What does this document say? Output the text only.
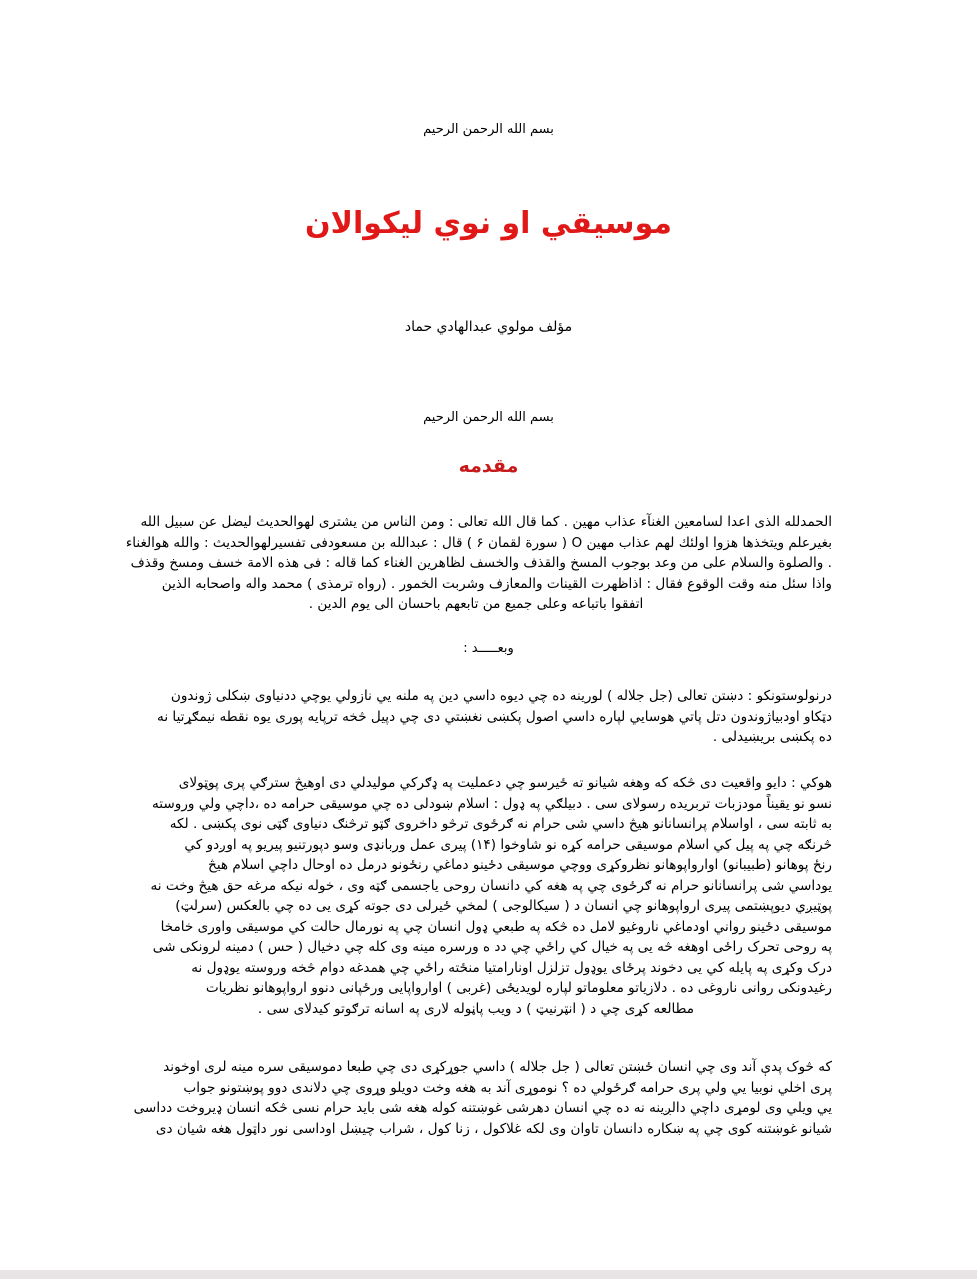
بسم الله الرحمن الرحيم
موسيقي او نوي ليكوالان
مؤلف مولوي عبدالهادي حماد
بسم الله الرحمن الرحيم
مقدمه
الحمدلله الذى اعدا لسامعين الغنآء عذاب مهين . كما قال الله تعالى : ومن الناس من يشترى لهوالحديث ليضل عن سبيل الله
بغيرعلم ويتخذها هزوا اولئك لهم عذاب مهين O ( سورة لقمان ۶ ) قال : عبدالله بن مسعودفى تفسيرلهوالحديث : والله هوالغناء
. والصلوة والسلام على من وعد بوجوب المسخ والقذف والخسف لظاهرين الغناء كما قاله : فى هذه الامة خسف ومسخ وقذف
واذا سئل منه وقت الوقوع فقال : اذاظهرت القينات والمعازف وشربت الخمور . (رواه ترمذى ) محمد واله واصحابه الذين
اتفقوا باتباعه وعلى جميع من تابعهم باحسان الى يوم الدين .
وبعـــــد :
درنولوستونکو : دښتن تعالى (جل جلاله ) لورينه ده چي ديوه داسي دين په ملنه يي نازولي يوچي ددنياوى ښکلى ژوندون
دټکاو اودبياژوندون دتل پاتي هوسايي لپاره داسي اصول پکښى نغښتي دى چي دپيل څخه ترپايه پورى يوه نقطه نيمګړتيا نه
ده پکښى بريښيدلى .
هوکي : دايو واقعيت دى څکه که وهغه شيانو ته ځيرسو چي دعمليت په ډګرکي موليدلي دى اوهيڅ سترګي پرى پوټولاى
نسو نو يقيناً مودزبات تربريده رسولاى سى . دبيلګي په ډول : اسلام ښودلى ده چي موسيقى حرامه ده ،داچي ولي وروسته
به ثابته سى ، اواسلام پرانسانانو هيڅ داسي شى حرام نه ګرځوى ترڅو داخروى ګټو ترڅنګ دنياوى ګټى نوى پکښى . لکه
څرنګه چي په پيل کي اسلام موسيقى حرامه کړه نو شاوخوا (۱۴) پيرى عمل وربانډى وسو دپورتنيو پيريو په اوږدو کي
رنځ پوهانو (طبيبانو) اوارواپوهانو نظروکړى ووچي موسيقى دځينو دماغي رنځونو درمل ده اوحال داچي اسلام هيڅ
يوداسي شى پرانسانانو حرام نه ګرځوى چي په هغه کي دانسان روحى ياجسمى ګټه وى ، خوله نيکه مرغه حق هيڅ وخت نه
پوټيږي ديوپښتمى پيرى ارواپوهانو چي انسان د ( سيکالوجى ) لمخي ځيرلى دى جوته کړى يى ده چي بالعکس (سرلټ)
موسيقى دځينو رواني اودماغي ناروغيو لامل ده څکه په طبعي ډول انسان چي په نورمال حالت کي موسيقى واورى خامخا
په روحى تحرک راځى اوهغه څه يى په خيال کي راځي چي دد ه ورسره مينه وى کله چي دخيال ( حس ) دمينه لرونکى شى
درک وکړى په پايله کي يى دخوند پرځاى يوډول تزلزل اونارامتيا منځته راځي چي همدغه دوام څخه وروسته يوډول نه
رغيدونکى روانى ناروغى ده . دلازياتو معلوماتو لپاره لويديځى (غربى ) اوارواپايى ورځپانى دنوو ارواپوهانو نظريات
مطالعه کړى چي د ( انټرنيټ ) د ويب پاڼوله لارى په اسانه ترګوتو کيدلاى سى .
که څوک پدې آند وى چي انسان ځښتن تعالى ( جل جلاله ) داسي جوړکړى دى چي طبعا دموسيقى سره مينه لرى اوخوند
پرى اخلي نوبيا يي ولي پرى حرامه ګرځولي ده ؟ نوموړى آند به هغه وخت دويلو وړوى چي دلاندى دوو پوښتونو جواب
يي ويلي وى لومړى داچي دالږينه نه ده چي انسان دهرشى غوښتنه کوله هغه شى بايد حرام نسى څکه انسان ډيروخت دداسى
شيانو غوښتنه کوى چي په ښکاره دانسان تاوان وى لکه غلاکول ، زنا کول ، شراب چيښل اوداسى نور داټول هغه شيان دى
